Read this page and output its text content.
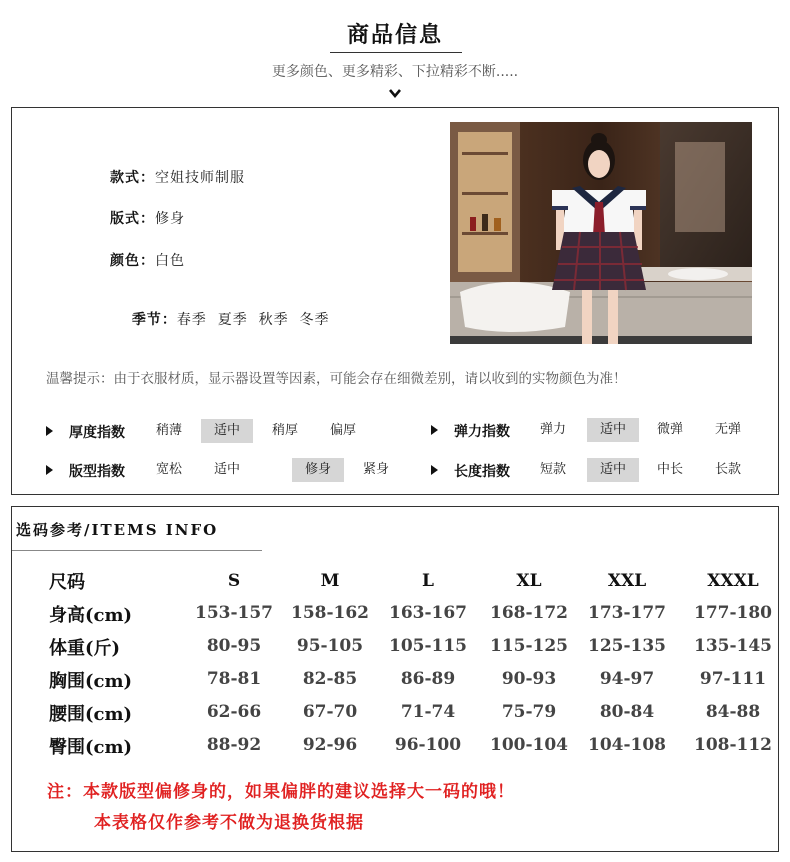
商品信息
更多颜色、更多精彩、下拉精彩不断.....
款式：空姐技师制服
版式：修身
颜色：白色

季节：春季  夏季  秋季  冬季

温馨提示：由于衣服材质，显示器设置等因素，可能会存在细微差别，请以收到的实物颜色为准！
厚度指数	稍薄	适中	稍厚	偏厚
版型指数	宽松	适中	修身	紧身
弹力指数	弹力	适中	微弹	无弹
长度指数	短款	适中	中长	长款
选码参考/ITEMS INFO
尺码	S	M	L	XL	XXL	XXXL
身高(cm)	153-157	158-162	163-167	168-172	173-177	177-180
体重(斤)	80-95	95-105	105-115	115-125	125-135	135-145
胸围(cm)	78-81	82-85	86-89	90-93	94-97	97-111
腰围(cm)	62-66	67-70	71-74	75-79	80-84	84-88
臀围(cm)	88-92	92-96	96-100	100-104	104-108	108-112
注：本款版型偏修身的，如果偏胖的建议选择大一码的哦！
本表格仅作参考不做为退换货根据
